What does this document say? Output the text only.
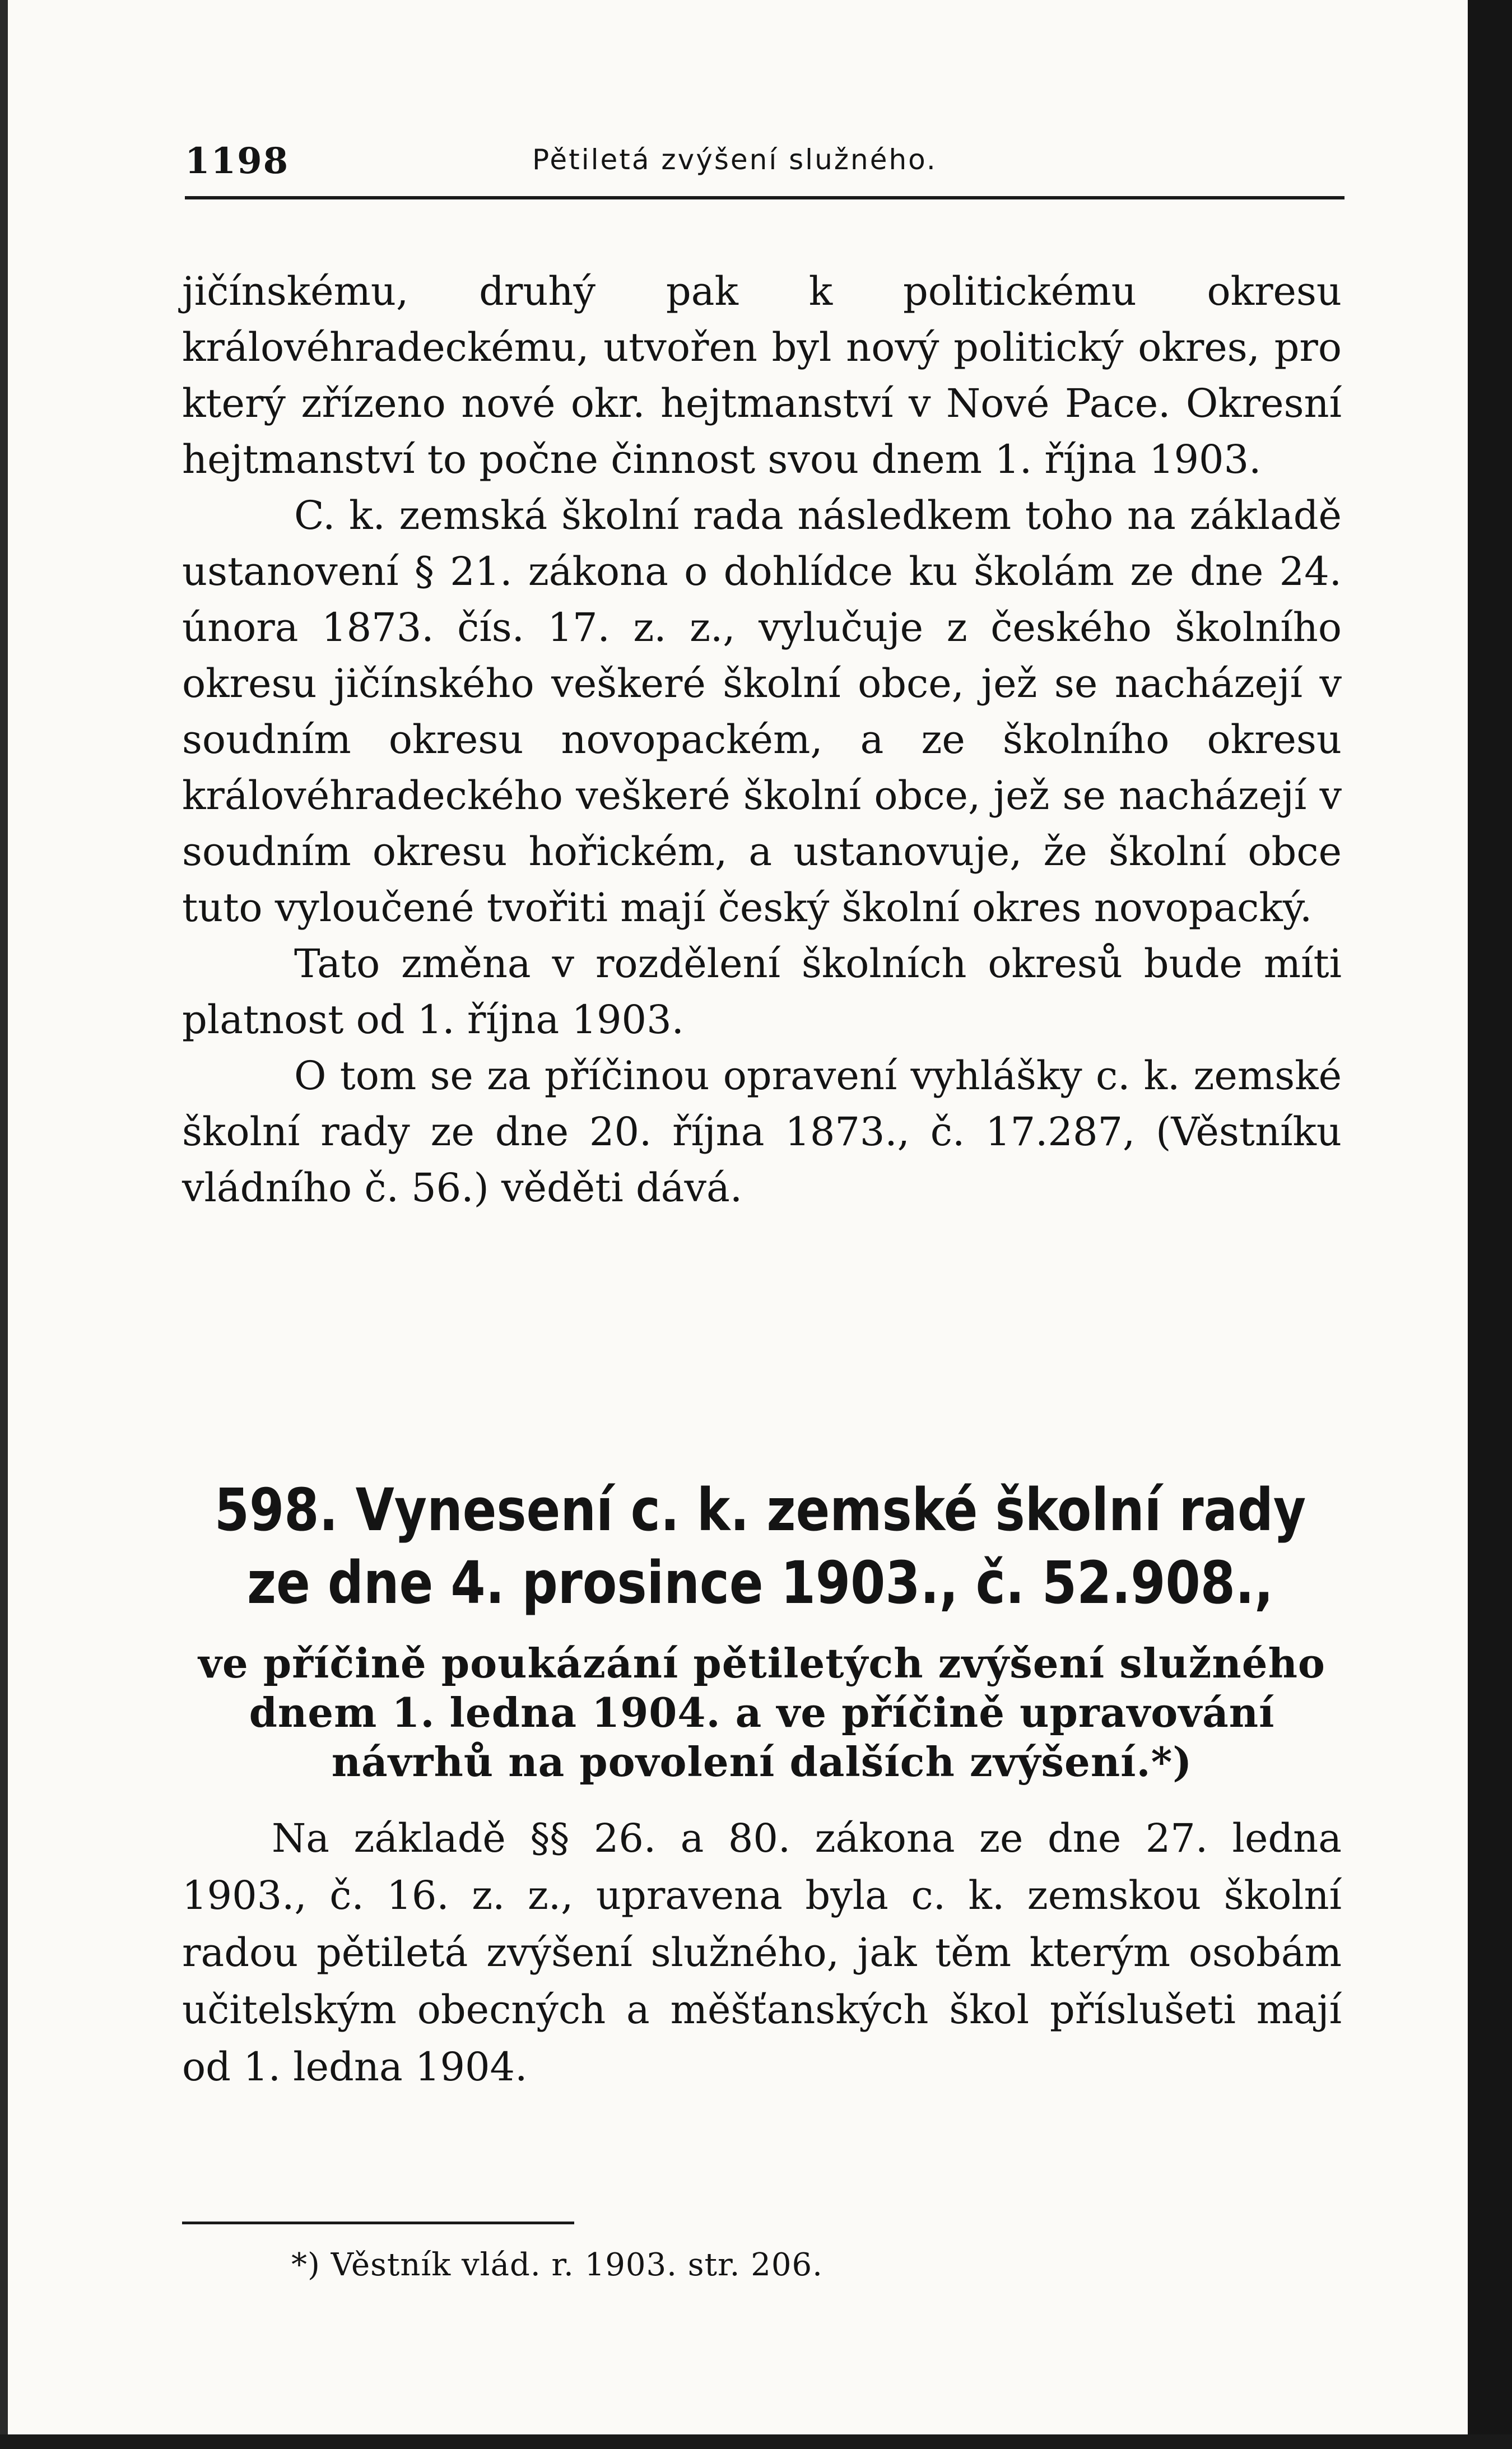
1198	Pětiletá zvýšení služného.

jičínskému, druhý pak k politickému okresu královéhradeckému, utvořen byl nový politický okres, pro který zřízeno nové okr. hejtmanství v Nové Pace. Okresní hejtmanství to počne činnost svou dnem 1. října 1903.

C. k. zemská školní rada následkem toho na základě ustanovení § 21. zákona o dohlídce ku školám ze dne 24. února 1873. čís. 17. z. z., vylučuje z českého školního okresu jičínského veškeré školní obce, jež se nacházejí v soudním okresu novopackém, a ze školního okresu královéhradeckého veškeré školní obce, jež se nacházejí v soudním okresu hořickém, a ustanovuje, že školní obce tuto vyloučené tvořiti mají český školní okres novopacký.

Tato změna v rozdělení školních okresů bude míti platnost od 1. října 1903.

O tom se za příčinou opravení vyhlášky c. k. zemské školní rady ze dne 20. října 1873., č. 17.287, (Věstníku vládního č. 56.) věděti dává.

598. Vynesení c. k. zemské školní rady
ze dne 4. prosince 1903., č. 52.908.,
ve příčině poukázání pětiletých zvýšení služného dnem 1. ledna 1904. a ve příčině upravování návrhů na povolení dalších zvýšení.*)

Na základě §§ 26. a 80. zákona ze dne 27. ledna 1903., č. 16. z. z., upravena byla c. k. zemskou školní radou pětiletá zvýšení služného, jak těm kterým osobám učitelským obecných a měšťanských škol příslušeti mají od 1. ledna 1904.

*) Věstník vlád. r. 1903. str. 206.
